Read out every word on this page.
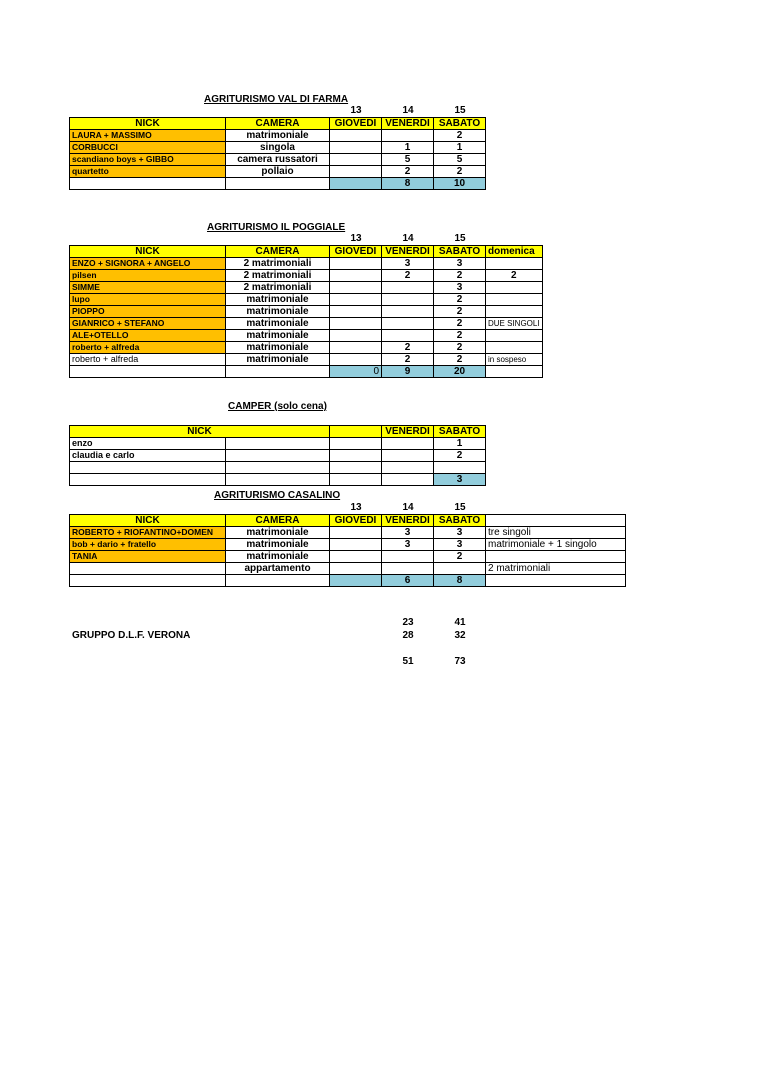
AGRITURISMO VAL DI FARMA
13	14	15
NICK	CAMERA	GIOVEDI	VENERDI	SABATO
LAURA + MASSIMO	matrimoniale			2
CORBUCCI	singola		1	1
scandiano boys + GIBBO	camera russatori		5	5
quartetto	pollaio		2	2
			8	10
AGRITURISMO IL POGGIALE
13	14	15
NICK	CAMERA	GIOVEDI	VENERDI	SABATO	domenica
ENZO + SIGNORA + ANGELO	2 matrimoniali		3	3	
pilsen	2 matrimoniali		2	2	2
SIMME	2 matrimoniali			3	
lupo	matrimoniale			2	
PIOPPO	matrimoniale			2	
GIANRICO + STEFANO	matrimoniale			2	DUE SINGOLI
ALE+OTELLO	matrimoniale			2	
roberto + alfreda	matrimoniale		2	2	
roberto + alfreda	matrimoniale		2	2	in sospeso
		0	9	20	
CAMPER (solo cena)
NICK			VENERDI	SABATO
enzo				1
claudia e carlo				2

				3
AGRITURISMO CASALINO
13	14	15
NICK	CAMERA	GIOVEDI	VENERDI	SABATO	
ROBERTO + RIOFANTINO+DOMEN	matrimoniale		3	3	tre singoli
bob + dario + fratello	matrimoniale		3	3	matrimoniale + 1 singolo
TANIA	matrimoniale			2	
	appartamento				2 matrimoniali
			6	8	
23	41
GRUPPO D.L.F. VERONA	28	32
51	73
